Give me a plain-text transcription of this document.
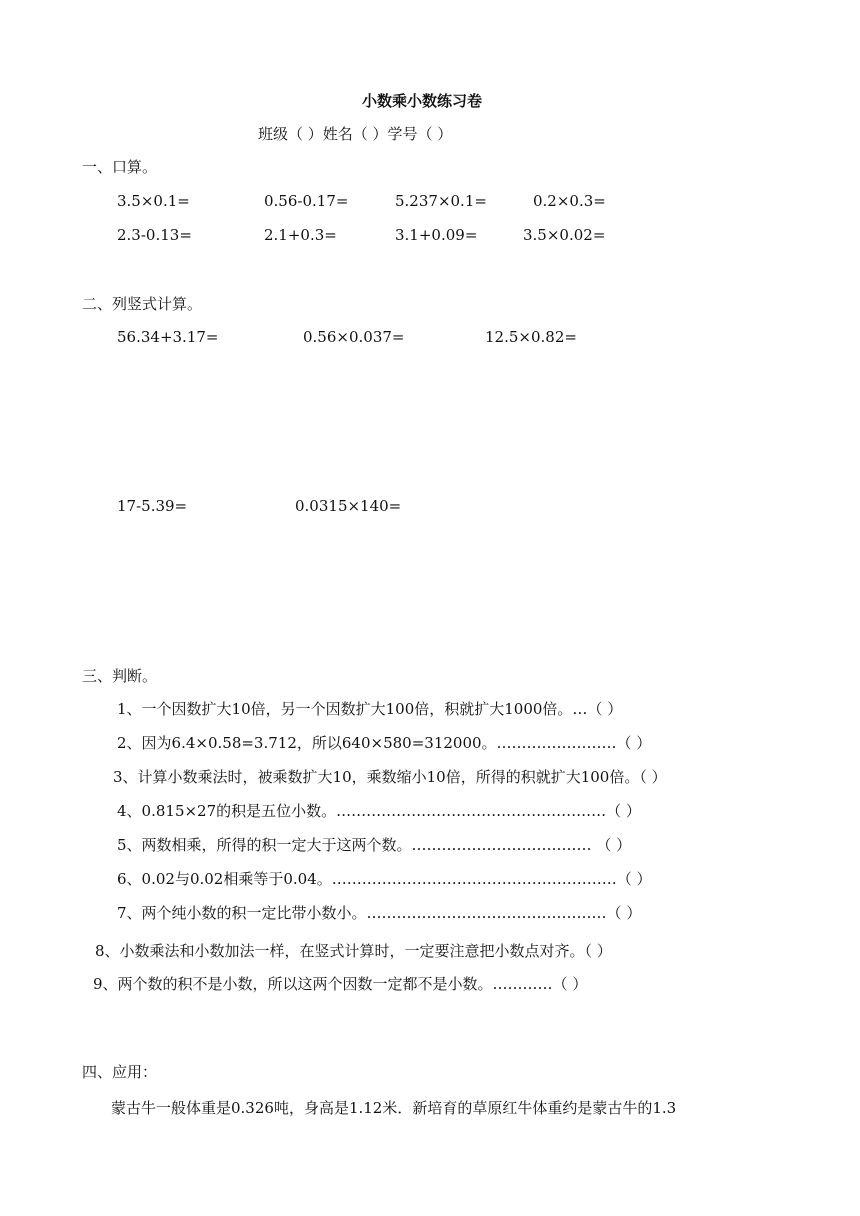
小数乘小数练习卷
班级（ ）姓名（ ）学号（ ）
一、口算。
3.5×0.1=	0.56-0.17=	5.237×0.1=	0.2×0.3=
2.3-0.13=	2.1+0.3=	3.1+0.09=	3.5×0.02=
二、列竖式计算。
56.34+3.17=	0.56×0.037=	12.5×0.82=
17-5.39=	0.0315×140=
三、判断。
1、一个因数扩大10倍，另一个因数扩大100倍，积就扩大1000倍。…（ ）
2、因为6.4×0.58=3.712，所以640×580=312000。……………………（ ）
3、计算小数乘法时，被乘数扩大10，乘数缩小10倍，所得的积就扩大100倍。（ ）
4、0.815×27的积是五位小数。………………………………………………（ ）
5、两数相乘，所得的积一定大于这两个数。……………………………… （ ）
6、0.02与0.02相乘等于0.04。…………………………………………………（ ）
7、两个纯小数的积一定比带小数小。…………………………………………（ ）
8、小数乘法和小数加法一样，在竖式计算时，一定要注意把小数点对齐。（ ）
9、两个数的积不是小数，所以这两个因数一定都不是小数。…………（ ）
四、应用：
蒙古牛一般体重是0.326吨，身高是1.12米．新培育的草原红牛体重约是蒙古牛的1.3
